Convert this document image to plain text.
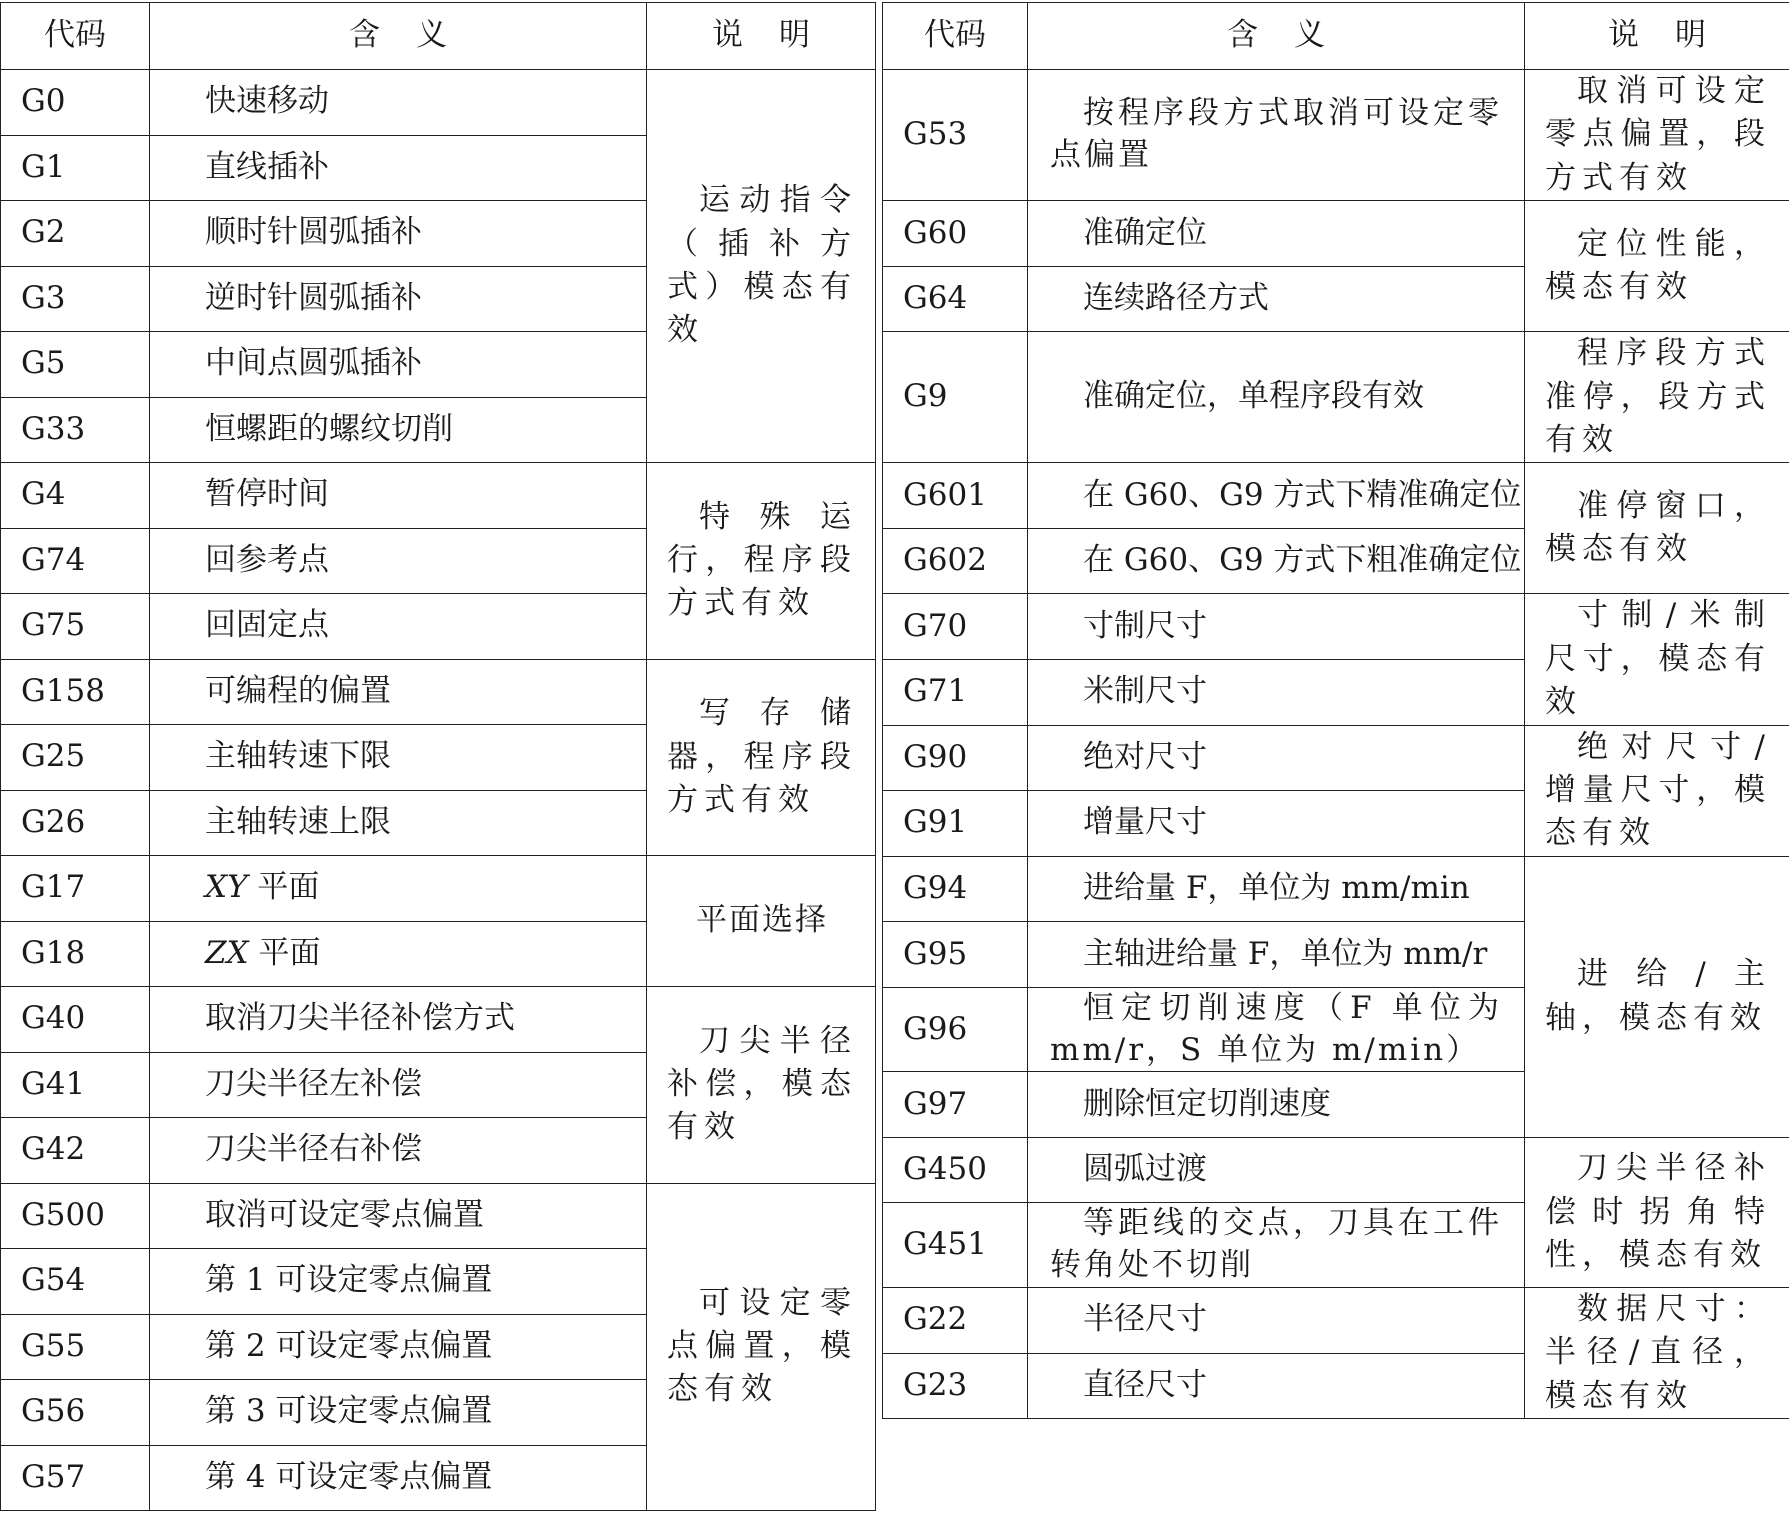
代码	含义	说明
G0	快速移动	运动指令（插补方式）模态有效
G1	直线插补	
G2	顺时针圆弧插补	
G3	逆时针圆弧插补	
G5	中间点圆弧插补	
G33	恒螺距的螺纹切削	
G4	暂停时间	特殊运行，程序段方式有效
G74	回参考点	
G75	回固定点	
G158	可编程的偏置	写存储器，程序段方式有效
G25	主轴转速下限	
G26	主轴转速上限	
G17	XY 平面	平面选择
G18	ZX 平面	
G40	取消刀尖半径补偿方式	刀尖半径补偿，模态有效
G41	刀尖半径左补偿	
G42	刀尖半径右补偿	
G500	取消可设定零点偏置	可设定零点偏置，模态有效
G54	第 1 可设定零点偏置	
G55	第 2 可设定零点偏置	
G56	第 3 可设定零点偏置	
G57	第 4 可设定零点偏置	
代码	含义	说明
G53	按程序段方式取消可设定零点偏置	取消可设定零点偏置，段方式有效

G60	准确定位	定位性能，模态有效
G64	连续路径方式	
G9	准确定位，单程序段有效	程序段方式准停，段方式有效

G601	在 G60、G9 方式下精准确定位	准停窗口，模态有效
G602	在 G60、G9 方式下粗准确定位	
G70	寸制尺寸	寸制/米制尺寸，模态有效
G71	米制尺寸	
G90	绝对尺寸	绝对尺寸/增量尺寸，模态有效
G91	增量尺寸	
G94	进给量 F，单位为 mm/min	进给/主轴，模态有效
G95	主轴进给量 F，单位为 mm/r	
G96	恒定切削速度（F 单位为 mm/r，S 单位为 m/min）	

G97	删除恒定切削速度	
G450	圆弧过渡	刀尖半径补偿时拐角特性，模态有效
G451	等距线的交点，刀具在工件转角处不切削	

G22	半径尺寸	数据尺寸：半径/直径，模态有效
G23	直径尺寸	
